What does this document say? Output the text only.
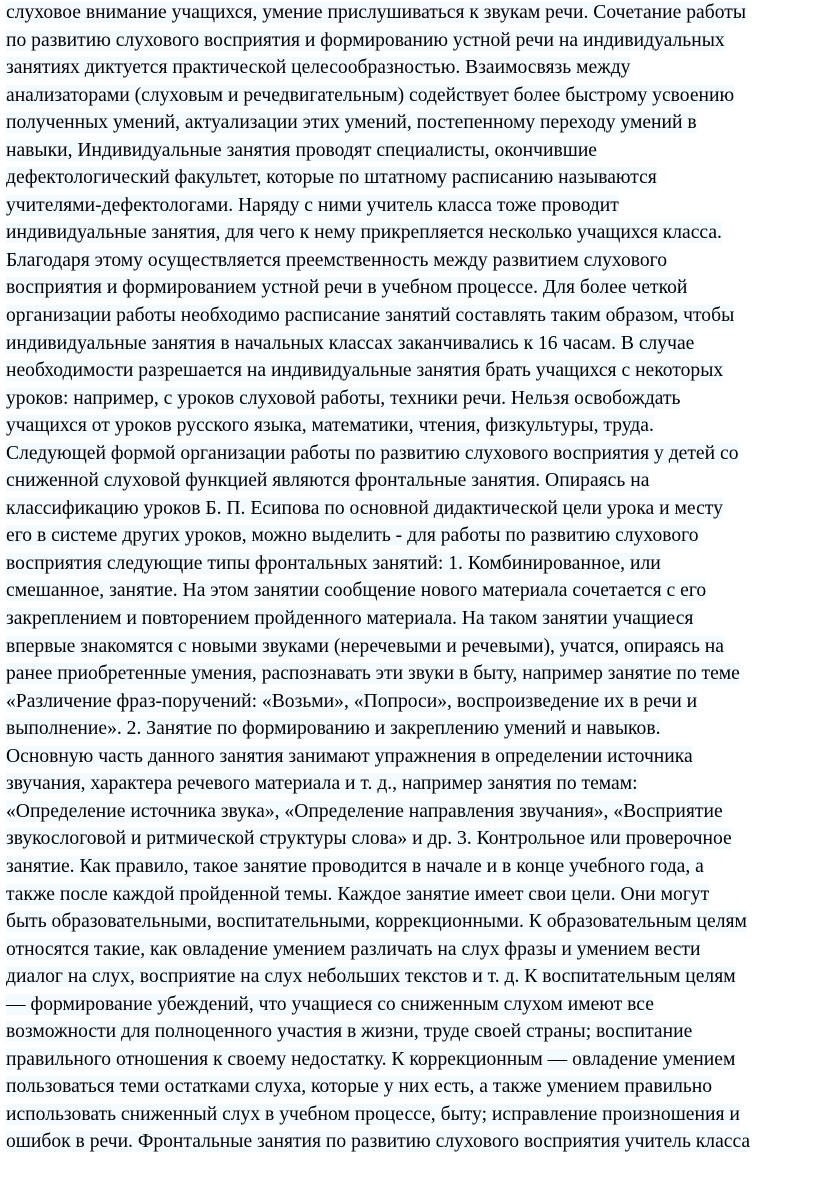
слуховое внимание учащихся, умение прислушиваться к звукам речи. Сочетание работы
по развитию слухового восприятия и формированию устной речи на индивидуальных
занятиях диктуется практической целесообразностью. Взаимосвязь между
анализаторами (слуховым и речедвигательным) содействует более быстрому усвоению
полученных умений, актуализации этих умений, постепенному переходу умений в
навыки, Индивидуальные занятия проводят специалисты, окончившие
дефектологический факультет, которые по штатному расписанию называются
учителями-дефектологами. Наряду с ними учитель класса тоже проводит
индивидуальные занятия, для чего к нему прикрепляется несколько учащихся класса.
Благодаря этому осуществляется преемственность между развитием слухового
восприятия и формированием устной речи в учебном процессе. Для более четкой
организации работы необходимо расписание занятий составлять таким образом, чтобы
индивидуальные занятия в начальных классах заканчивались к 16 часам. В случае
необходимости разрешается на индивидуальные занятия брать учащихся с некоторых
уроков: например, с уроков слуховой работы, техники речи. Нельзя освобождать
учащихся от уроков русского языка, математики, чтения, физкультуры, труда.
Следующей формой организации работы по развитию слухового восприятия у детей со
сниженной слуховой функцией являются фронтальные занятия. Опираясь на
классификацию уроков Б. П. Есипова по основной дидактической цели урока и месту
его в системе других уроков, можно выделить - для работы по развитию слухового
восприятия следующие типы фронтальных занятий: 1. Комбинированное, или
смешанное, занятие. На этом занятии сообщение нового материала сочетается с его
закреплением и повторением пройденного материала. На таком занятии учащиеся
впервые знакомятся с новыми звуками (неречевыми и речевыми), учатся, опираясь на
ранее приобретенные умения, распознавать эти звуки в быту, например занятие по теме
«Различение фраз-поручений: «Возьми», «Попроси», воспроизведение их в речи и
выполнение». 2. Занятие по формированию и закреплению умений и навыков.
Основную часть данного занятия занимают упражнения в определении источника
звучания, характера речевого материала и т. д., например занятия по темам:
«Определение источника звука», «Определение направления звучания», «Восприятие
звукослоговой и ритмической структуры слова» и др. 3. Контрольное или проверочное
занятие. Как правило, такое занятие проводится в начале и в конце учебного года, а
также после каждой пройденной темы. Каждое занятие имеет свои цели. Они могут
быть образовательными, воспитательными, коррекционными. К образовательным целям
относятся такие, как овладение умением различать на слух фразы и умением вести
диалог на слух, восприятие на слух небольших текстов и т. д. К воспитательным целям
— формирование убеждений, что учащиеся со сниженным слухом имеют все
возможности для полноценного участия в жизни, труде своей страны; воспитание
правильного отношения к своему недостатку. К коррекционным — овладение умением
пользоваться теми остатками слуха, которые у них есть, а также умением правильно
использовать сниженный слух в учебном процессе, быту; исправление произношения и
ошибок в речи. Фронтальные занятия по развитию слухового восприятия учитель класса
